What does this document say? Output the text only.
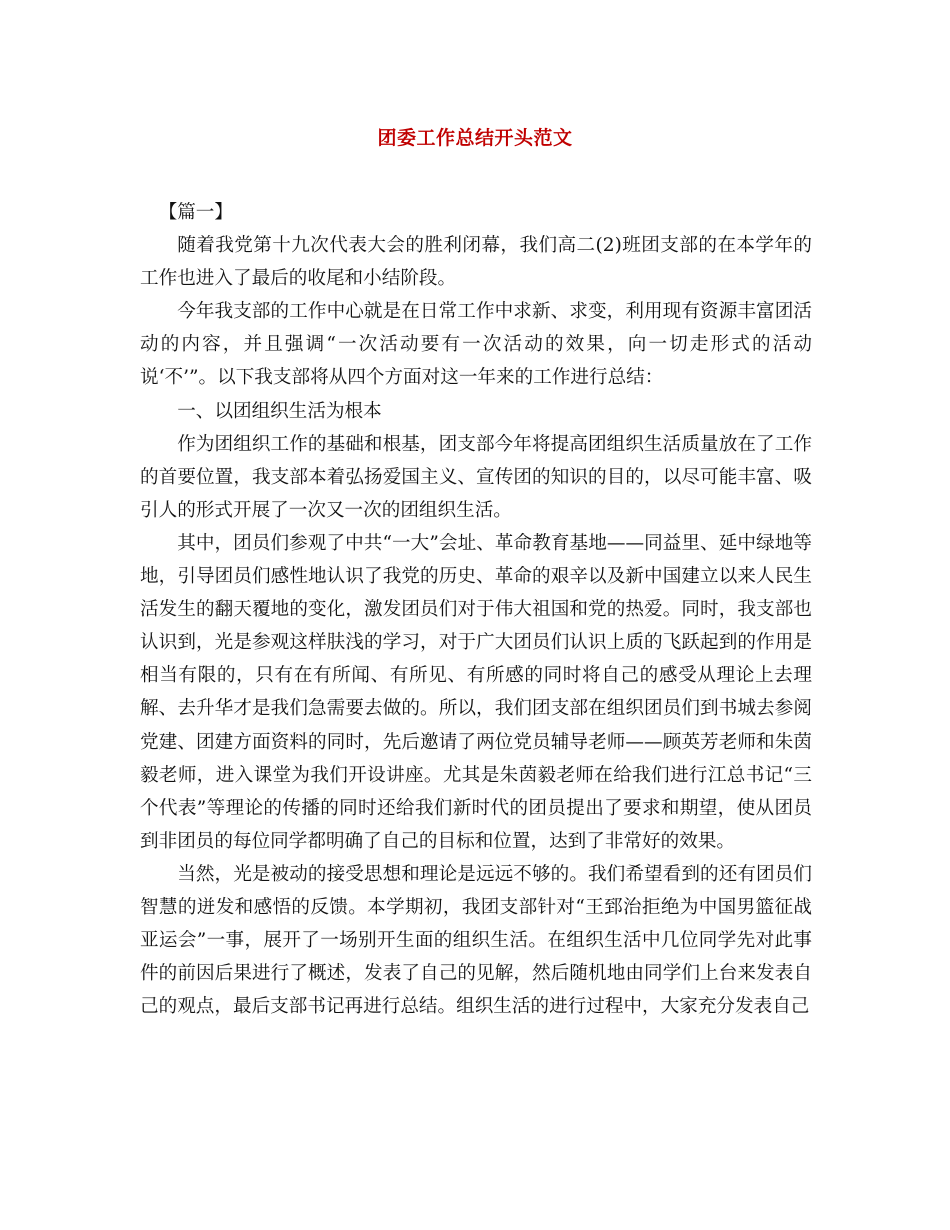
团委工作总结开头范文

【篇一】

随着我党第十九次代表大会的胜利闭幕，我们高二(2)班团支部的在本学年的工作也进入了最后的收尾和小结阶段。

今年我支部的工作中心就是在日常工作中求新、求变，利用现有资源丰富团活动的内容，并且强调“一次活动要有一次活动的效果，向一切走形式的活动说‘不’”。以下我支部将从四个方面对这一年来的工作进行总结：

一、以团组织生活为根本

作为团组织工作的基础和根基，团支部今年将提高团组织生活质量放在了工作的首要位置，我支部本着弘扬爱国主义、宣传团的知识的目的，以尽可能丰富、吸引人的形式开展了一次又一次的团组织生活。

其中，团员们参观了中共“一大”会址、革命教育基地——同益里、延中绿地等地，引导团员们感性地认识了我党的历史、革命的艰辛以及新中国建立以来人民生活发生的翻天覆地的变化，激发团员们对于伟大祖国和党的热爱。同时，我支部也认识到，光是参观这样肤浅的学习，对于广大团员们认识上质的飞跃起到的作用是相当有限的，只有在有所闻、有所见、有所感的同时将自己的感受从理论上去理解、去升华才是我们急需要去做的。所以，我们团支部在组织团员们到书城去参阅党建、团建方面资料的同时，先后邀请了两位党员辅导老师——顾英芳老师和朱茵毅老师，进入课堂为我们开设讲座。尤其是朱茵毅老师在给我们进行江总书记“三个代表”等理论的传播的同时还给我们新时代的团员提出了要求和期望，使从团员到非团员的每位同学都明确了自己的目标和位置，达到了非常好的效果。

当然，光是被动的接受思想和理论是远远不够的。我们希望看到的还有团员们智慧的迸发和感悟的反馈。本学期初，我团支部针对“王郅治拒绝为中国男篮征战亚运会”一事，展开了一场别开生面的组织生活。在组织生活中几位同学先对此事件的前因后果进行了概述，发表了自己的见解，然后随机地由同学们上台来发表自己的观点，最后支部书记再进行总结。组织生活的进行过程中，大家充分发表自己
